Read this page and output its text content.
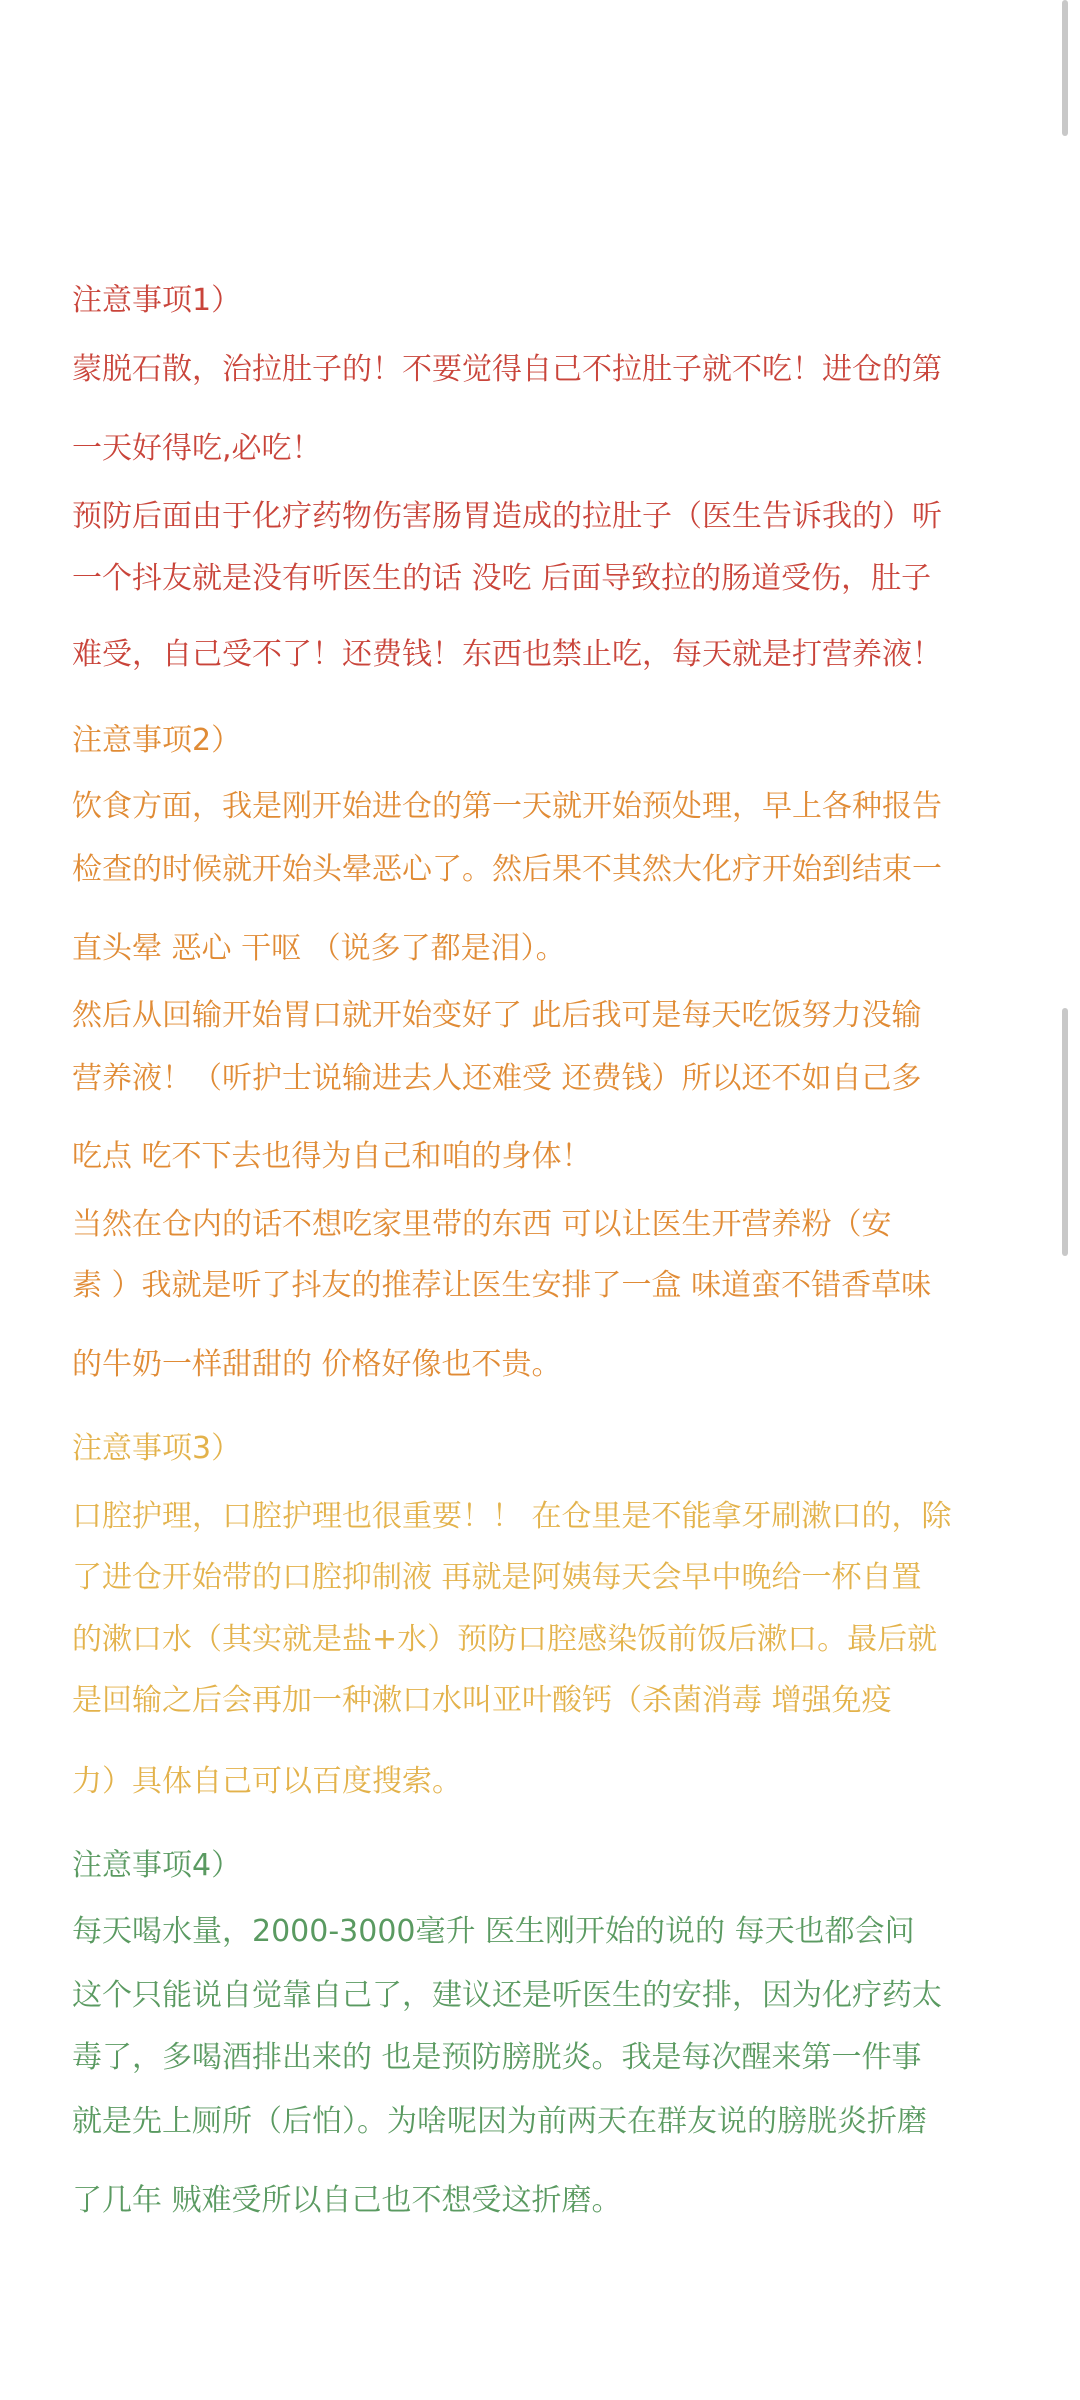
注意事项1）
蒙脱石散，治拉肚子的！不要觉得自己不拉肚子就不吃！进仓的第
一天好得吃,必吃！
预防后面由于化疗药物伤害肠胃造成的拉肚子（医生告诉我的）听
一个抖友就是没有听医生的话 没吃 后面导致拉的肠道受伤，肚子
难受，自己受不了！还费钱！东西也禁止吃，每天就是打营养液！
注意事项2）
饮食方面，我是刚开始进仓的第一天就开始预处理，早上各种报告
检查的时候就开始头晕恶心了。然后果不其然大化疗开始到结束一
直头晕 恶心 干呕 （说多了都是泪）。
然后从回输开始胃口就开始变好了 此后我可是每天吃饭努力没输
营养液！（听护士说输进去人还难受 还费钱）所以还不如自己多
吃点 吃不下去也得为自己和咱的身体！
当然在仓内的话不想吃家里带的东西 可以让医生开营养粉（安
素 ）我就是听了抖友的推荐让医生安排了一盒 味道蛮不错香草味
的牛奶一样甜甜的 价格好像也不贵。
注意事项3）
口腔护理，口腔护理也很重要！！ 在仓里是不能拿牙刷漱口的，除
了进仓开始带的口腔抑制液 再就是阿姨每天会早中晚给一杯自置
的漱口水（其实就是盐+水）预防口腔感染饭前饭后漱口。最后就
是回输之后会再加一种漱口水叫亚叶酸钙（杀菌消毒 增强免疫
力）具体自己可以百度搜索。
注意事项4）
每天喝水量，2000-3000毫升 医生刚开始的说的 每天也都会问
这个只能说自觉靠自己了，建议还是听医生的安排，因为化疗药太
毒了，多喝酒排出来的 也是预防膀胱炎。我是每次醒来第一件事
就是先上厕所（后怕）。为啥呢因为前两天在群友说的膀胱炎折磨
了几年 贼难受所以自己也不想受这折磨。
